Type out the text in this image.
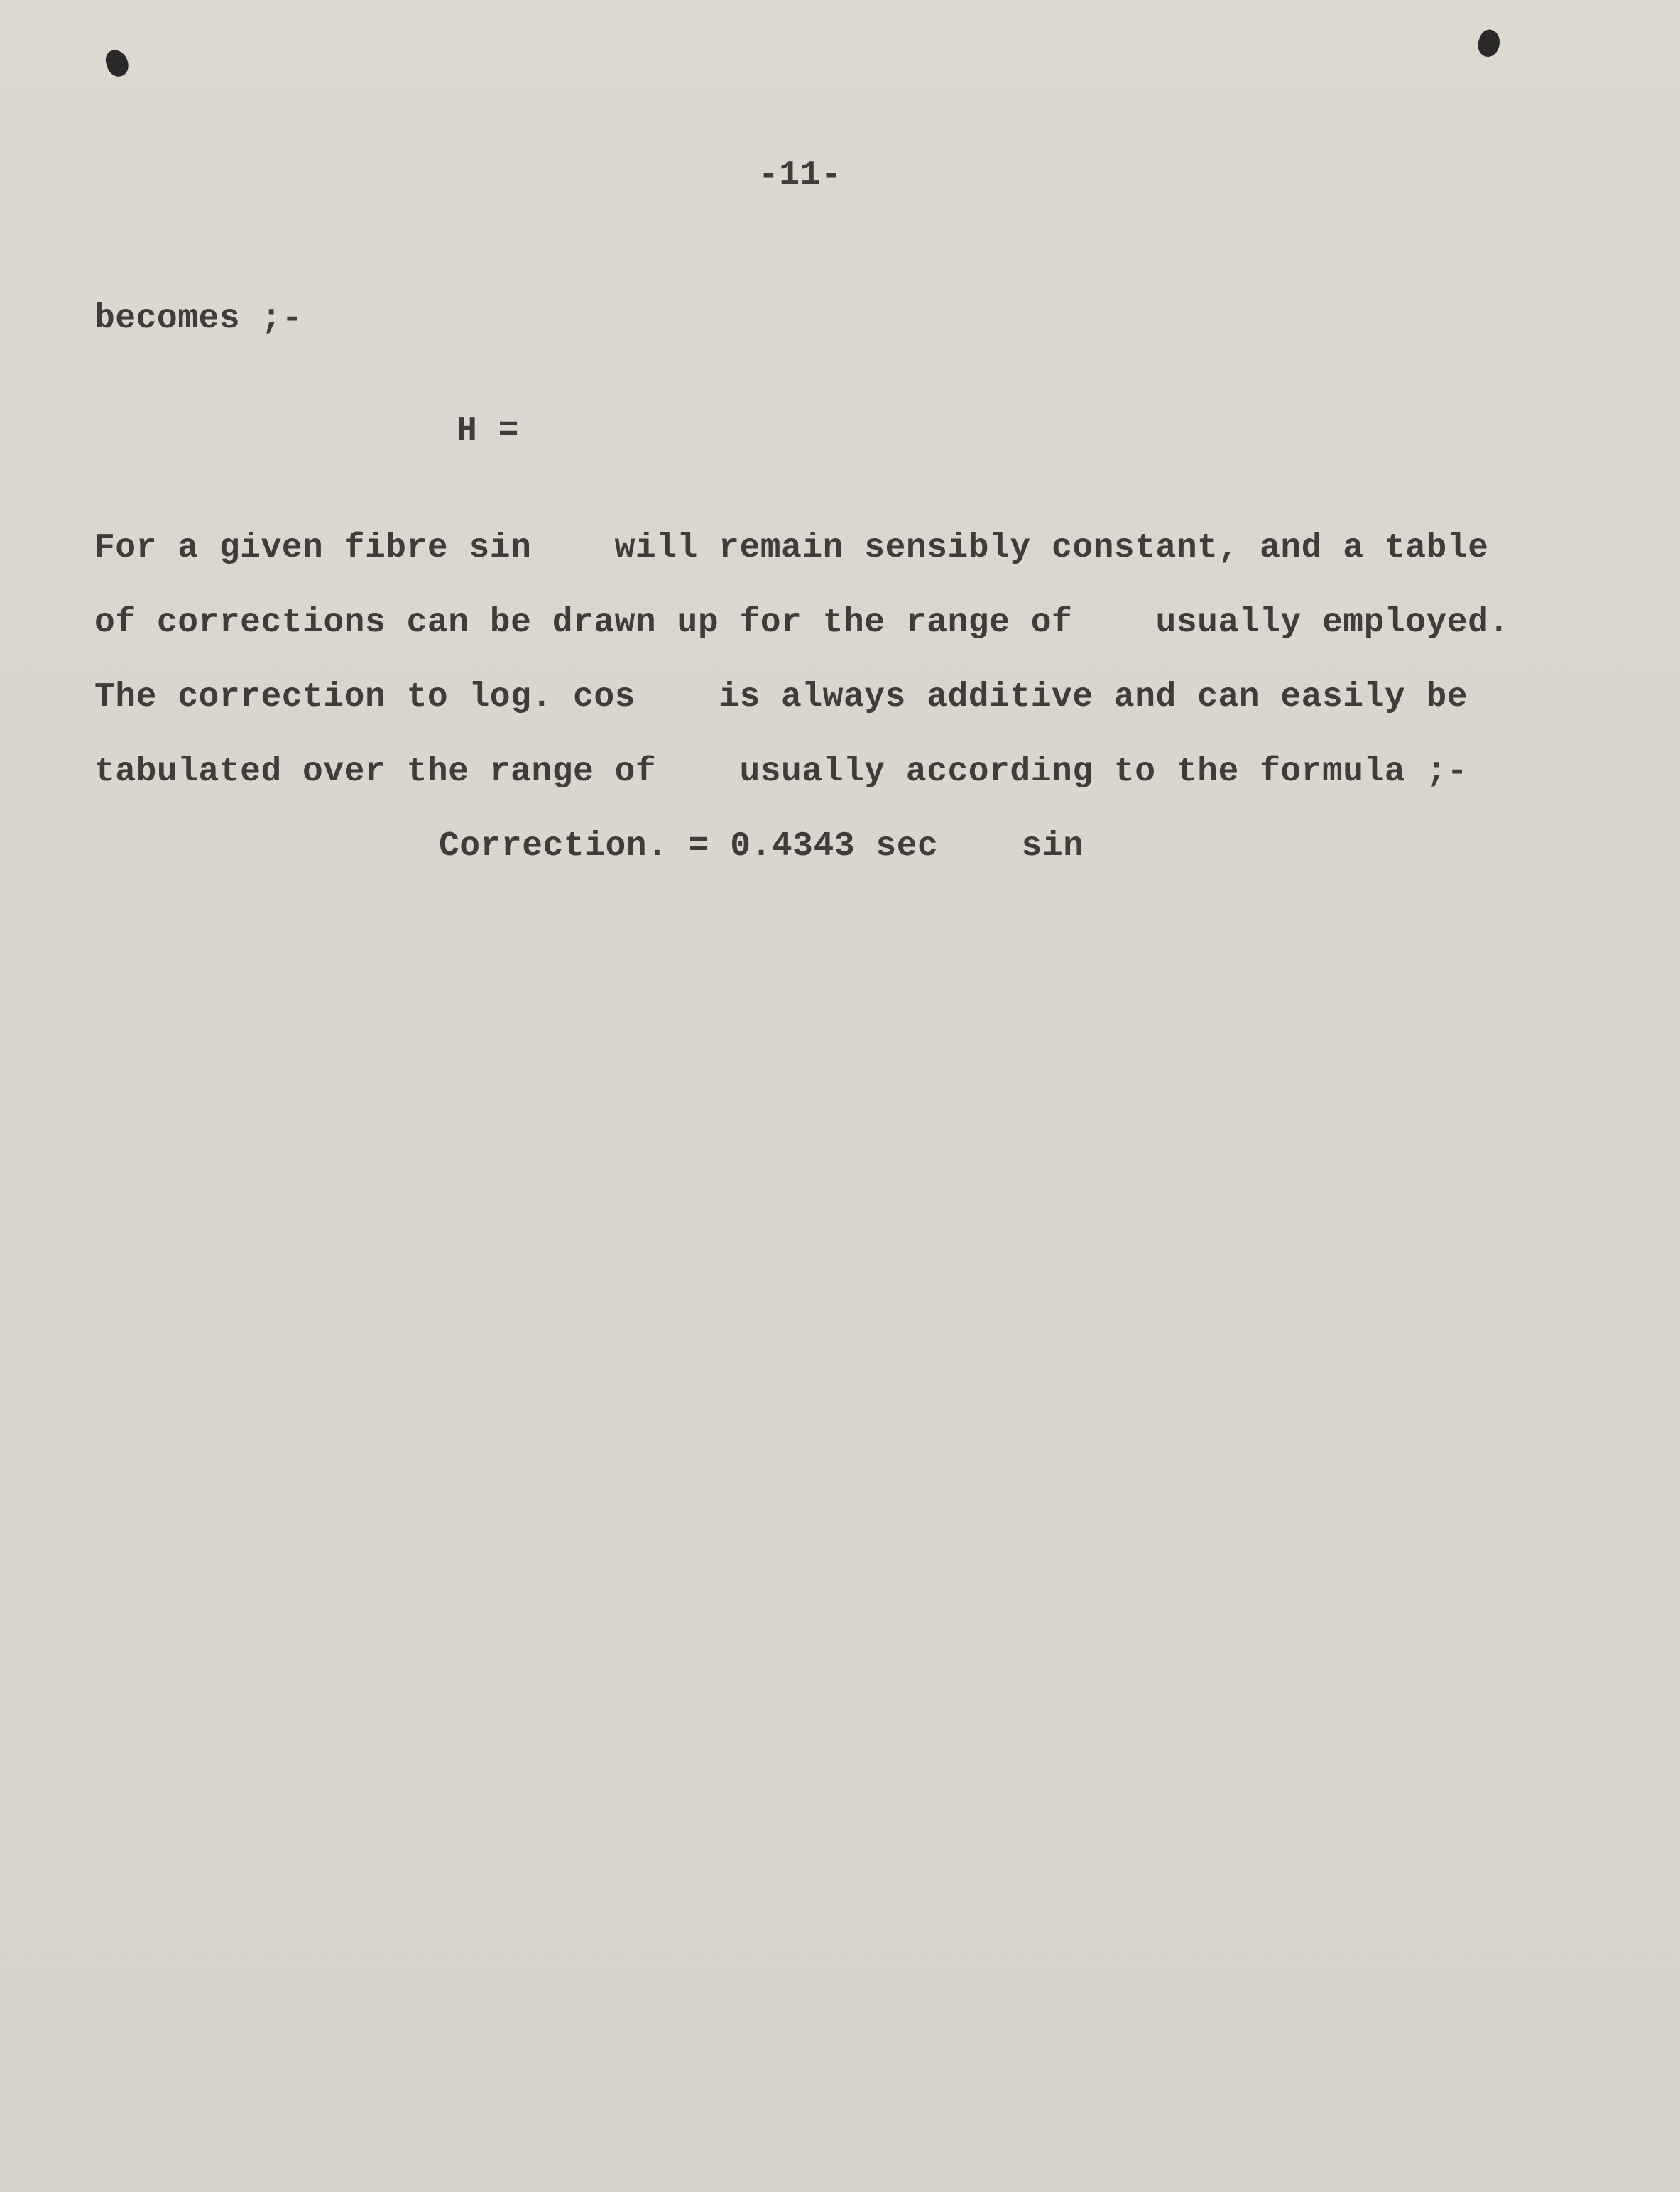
-11-
becomes ;-
H =
For a given fibre sin    will remain sensibly constant, and a table
of corrections can be drawn up for the range of    usually employed.
The correction to log. cos    is always additive and can easily be
tabulated over the range of    usually according to the formula ;-
Correction. = 0.4343 sec    sin
